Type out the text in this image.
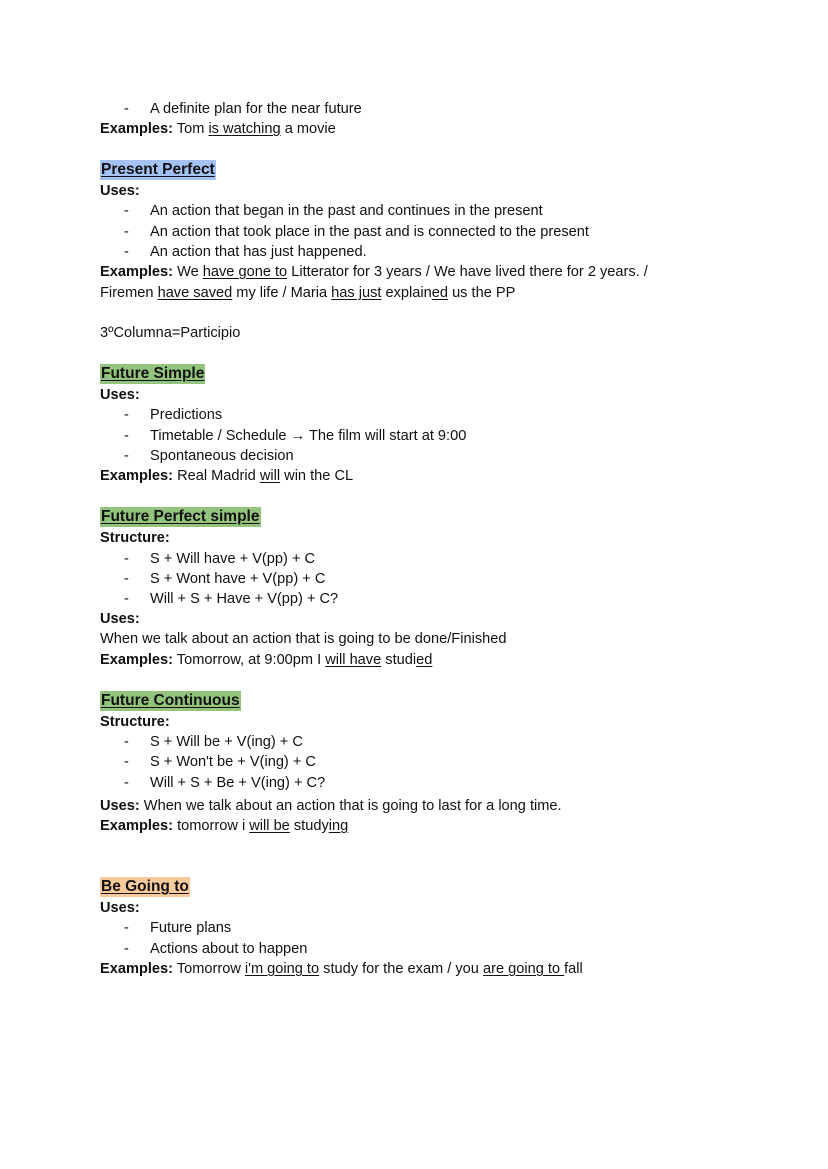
- A definite plan for the near future
Examples: Tom is watching a movie
Present Perfect
Uses:
- An action that began in the past and continues in the present
- An action that took place in the past and is connected to the present
- An action that has just happened.
Examples: We have gone to Litterator for 3 years / We have lived there for 2 years. /
Firemen have saved my life / Maria has just explained us the PP
3ºColumna=Participio
Future Simple
Uses:
- Predictions
- Timetable / Schedule → The film will start at 9:00
- Spontaneous decision
Examples: Real Madrid will win the CL
Future Perfect simple
Structure:
- S + Will have + V(pp) + C
- S + Wont have + V(pp) + C
- Will + S + Have + V(pp) + C?
Uses:
When we talk about an action that is going to be done/Finished
Examples: Tomorrow, at 9:00pm I will have studied
Future Continuous
Structure:
- S + Will be + V(ing) + C
- S + Won't be + V(ing) + C
- Will + S + Be + V(ing) + C?
Uses: When we talk about an action that is going to last for a long time.
Examples: tomorrow i will be studying
Be Going to
Uses:
- Future plans
- Actions about to happen
Examples: Tomorrow i'm going to study for the exam / you are going to fall
